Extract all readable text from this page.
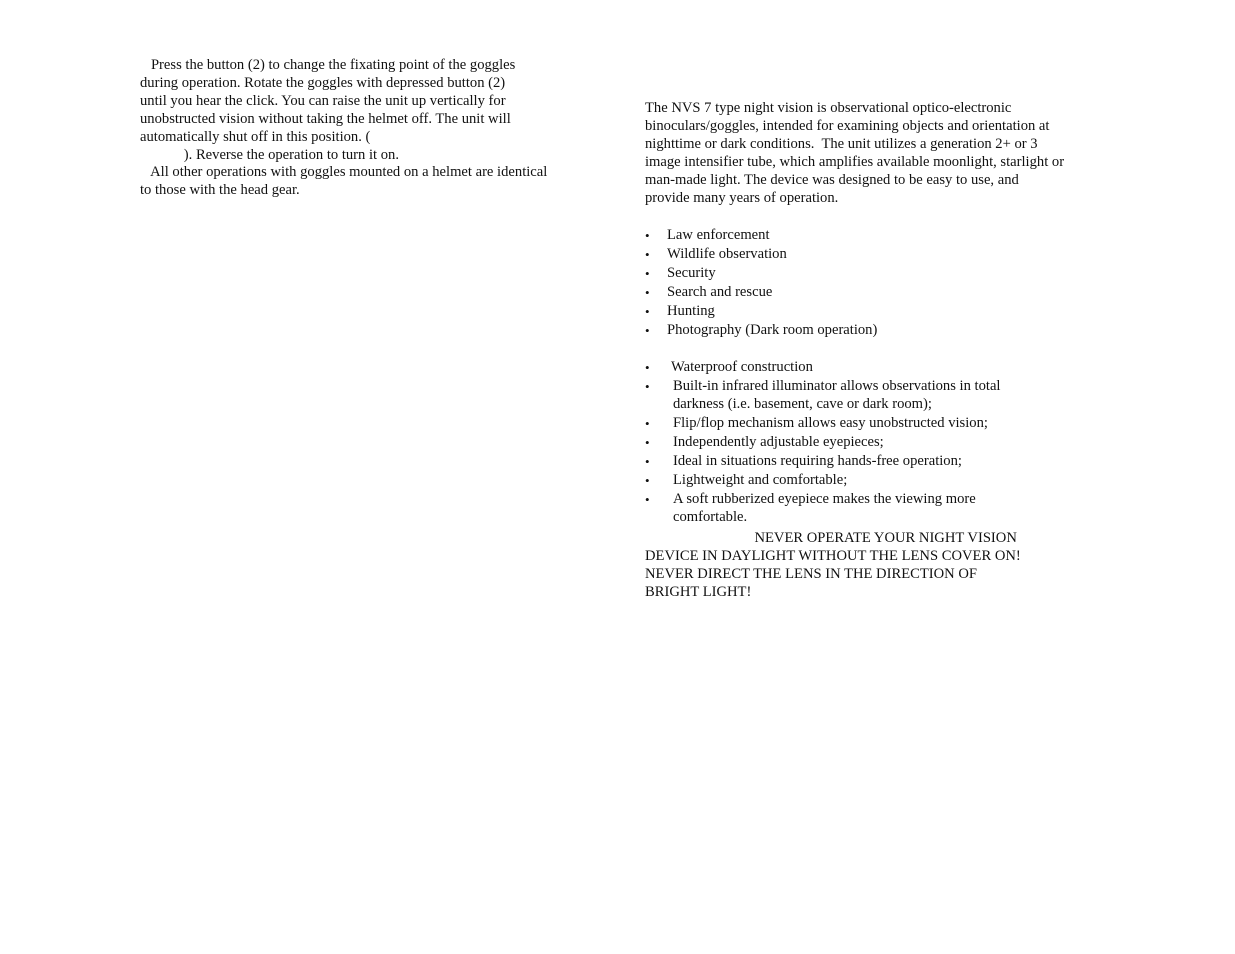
Press the button (2) to change the fixating point of the goggles
during operation. Rotate the goggles with depressed button (2)
until you hear the click. You can raise the unit up vertically for
unobstructed vision without taking the helmet off. The unit will
automatically shut off in this position. (
). Reverse the operation to turn it on.
All other operations with goggles mounted on a helmet are identical
to those with the head gear.
The NVS 7 type night vision is observational optico-electronic
binoculars/goggles, intended for examining objects and orientation at
nighttime or dark conditions.  The unit utilizes a generation 2+ or 3
image intensifier tube, which amplifies available moonlight, starlight or
man-made light. The device was designed to be easy to use, and
provide many years of operation.
• Law enforcement
• Wildlife observation
• Security
• Search and rescue
• Hunting
• Photography (Dark room operation)
• Waterproof construction
• Built-in infrared illuminator allows observations in total
darkness (i.e. basement, cave or dark room);
• Flip/flop mechanism allows easy unobstructed vision;
• Independently adjustable eyepieces;
• Ideal in situations requiring hands-free operation;
• Lightweight and comfortable;
• A soft rubberized eyepiece makes the viewing more
comfortable.
NEVER OPERATE YOUR NIGHT VISION
DEVICE IN DAYLIGHT WITHOUT THE LENS COVER ON!
NEVER DIRECT THE LENS IN THE DIRECTION OF
BRIGHT LIGHT!
